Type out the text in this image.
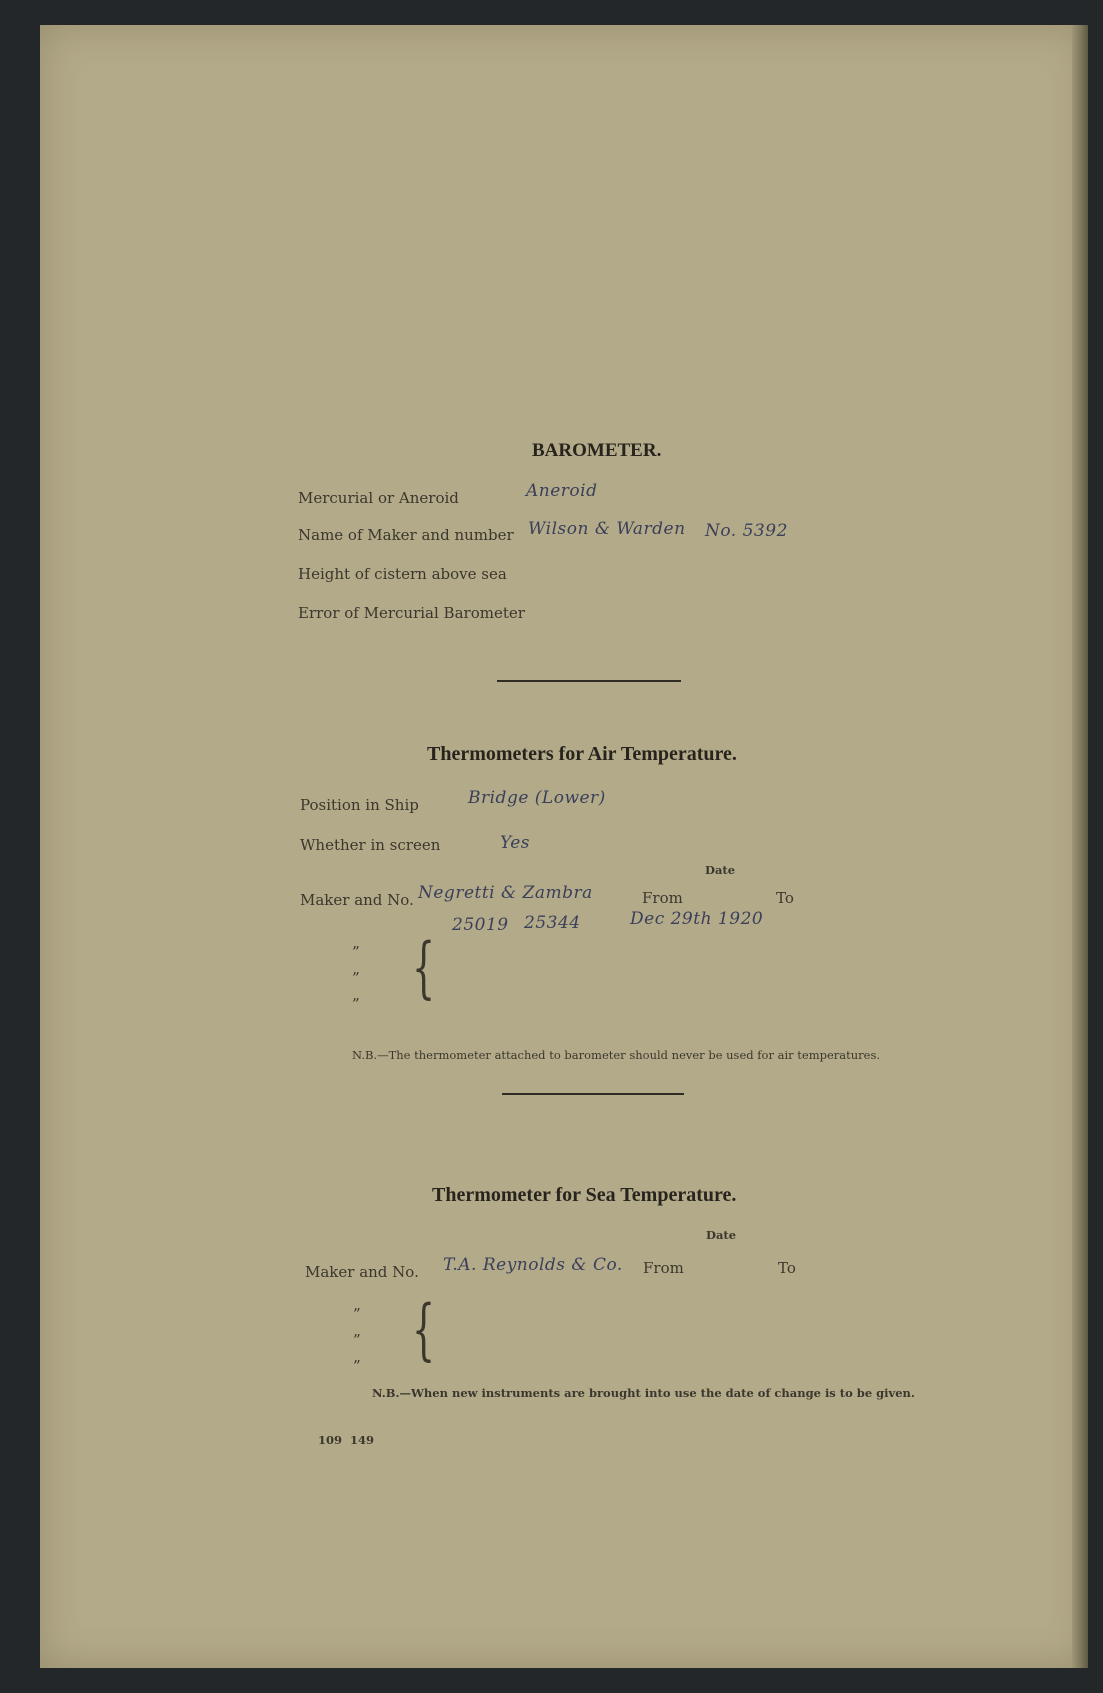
BAROMETER.
Mercurial or Aneroid	Aneroid
Name of Maker and number Wilson & Warden No. 5392
Height of cistern above sea
Error of Mercurial Barometer
Thermometers for Air Temperature.
Position in Ship	Bridge (Lower)
Whether in screen	Yes
Date
Maker and No. Negretti & Zambra	From	To
25019 25344	Dec 29th 1920
”
”
” {
N.B.—The thermometer attached to barometer should never be used for air temperatures.
Thermometer for Sea Temperature.
Date
Maker and No. T.A. Reynolds & Co. From	To
”
”
” {
N.B.—When new instruments are brought into use the date of change is to be given.
109  149
